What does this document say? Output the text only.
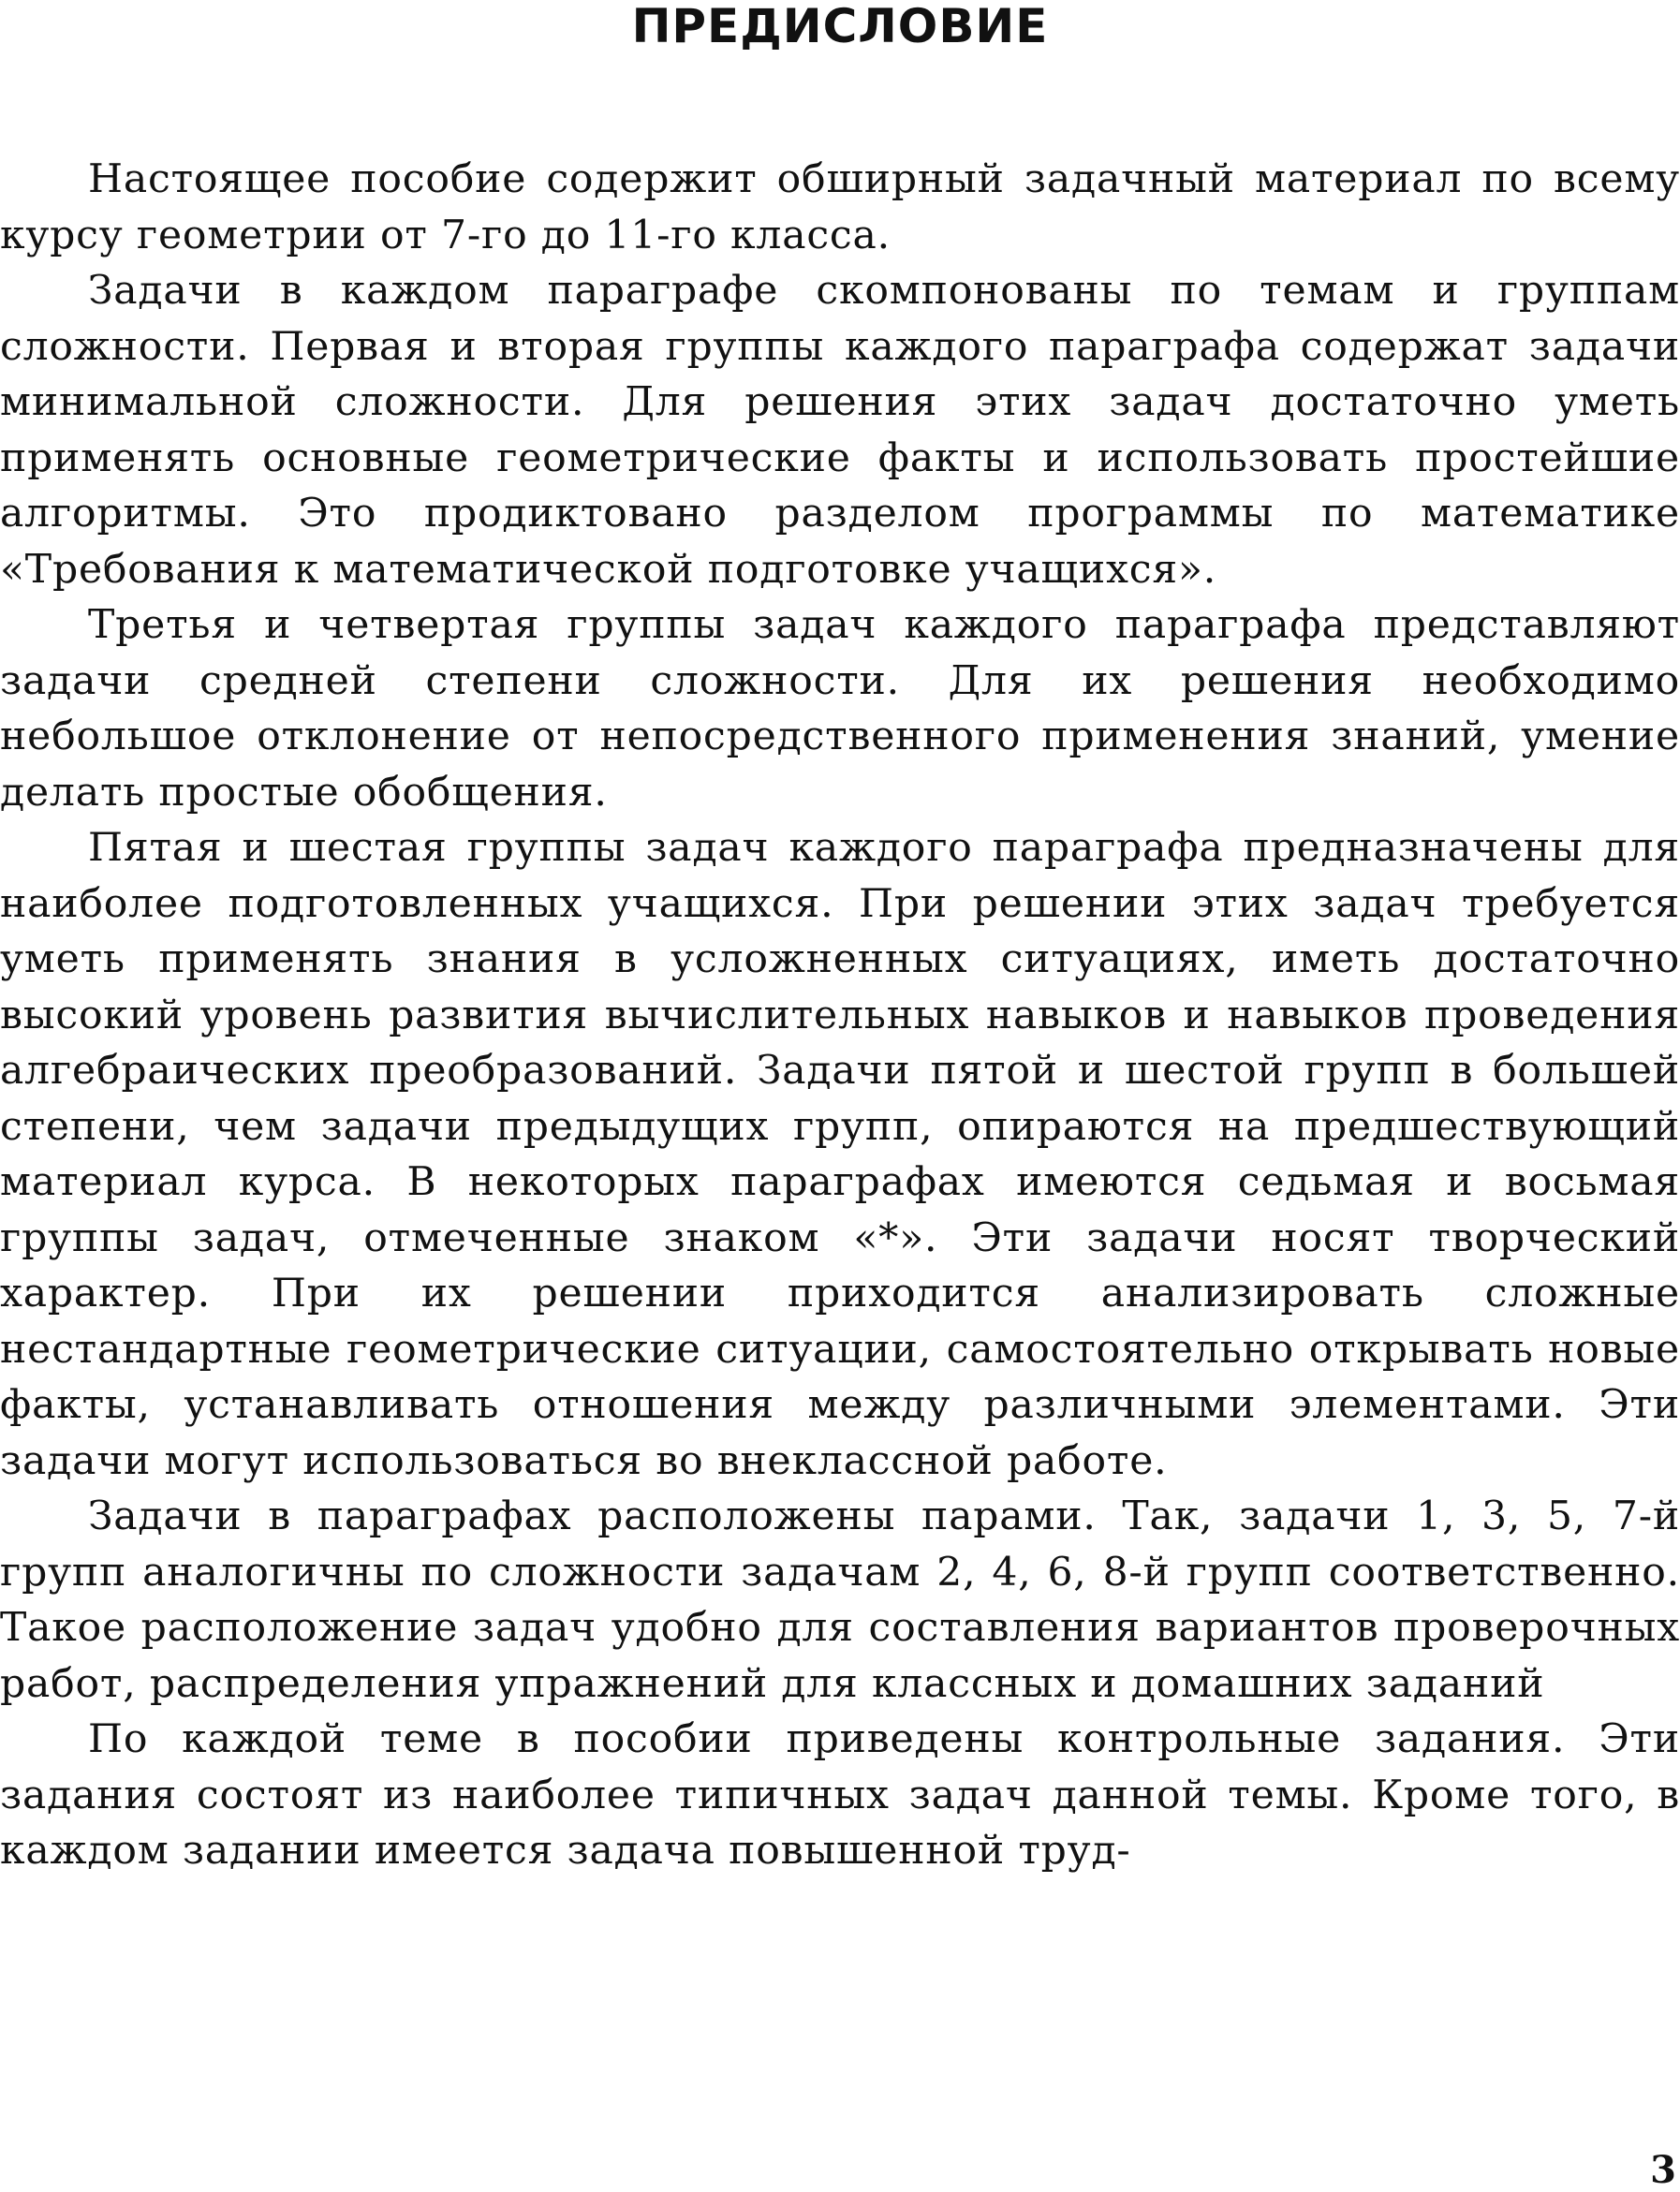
ПРЕДИСЛОВИЕ

Настоящее пособие содержит обширный задачный материал по всему курсу геометрии от 7-го до 11-го класса.

Задачи в каждом параграфе скомпонованы по темам и группам сложности. Первая и вторая группы каждого параграфа содержат задачи минимальной сложности. Для решения этих задач достаточно уметь применять основные геометрические факты и использовать простейшие алгоритмы. Это продиктовано разделом программы по математике «Требования к математической подготовке учащихся».

Третья и четвертая группы задач каждого параграфа представляют задачи средней степени сложности. Для их решения необходимо небольшое отклонение от непосредственного применения знаний, умение делать простые обобщения.

Пятая и шестая группы задач каждого параграфа предназначены для наиболее подготовленных учащихся. При решении этих задач требуется уметь применять знания в усложненных ситуациях, иметь достаточно высокий уровень развития вычислительных навыков и навыков проведения алгебраических преобразований. Задачи пятой и шестой групп в большей степени, чем задачи предыдущих групп, опираются на предшествующий материал курса. В некоторых параграфах имеются седьмая и восьмая группы задач, отмеченные знаком «*». Эти задачи носят творческий характер. При их решении приходится анализировать сложные нестандартные геометрические ситуации, самостоятельно открывать новые факты, устанавливать отношения между различными элементами. Эти задачи могут использоваться во внеклассной работе.

Задачи в параграфах расположены парами. Так, задачи 1, 3, 5, 7-й групп аналогичны по сложности задачам 2, 4, 6, 8-й групп соответственно. Такое расположение задач удобно для составления вариантов проверочных работ, распределения упражнений для классных и домашних заданий

По каждой теме в пособии приведены контрольные задания. Эти задания состоят из наиболее типичных задач данной темы. Кроме того, в каждом задании имеется задача повышенной труд-

3
